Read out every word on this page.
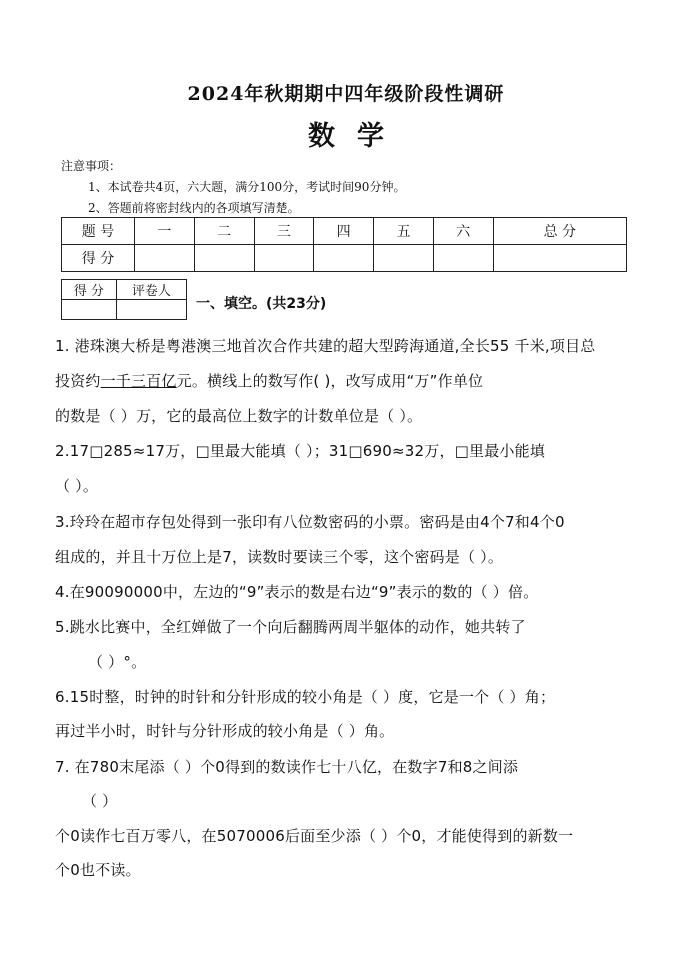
2024年秋期期中四年级阶段性调研
数学
注意事项：
1、本试卷共4页，六大题，满分100分，考试时间90分钟。
2、答题前将密封线内的各项填写清楚。
题 号	一	二	三	四	五	六	总 分
得 分							
得 分	评卷人

一、填空。(共23分)
1. 港珠澳大桥是粤港澳三地首次合作共建的超大型跨海通道,全长55 千米,项目总
投资约一千三百亿元。横线上的数写作( )，改写成用“万”作单位
的数是（ ）万，它的最高位上数字的计数单位是（ ）。
2.17□285≈17万，□里最大能填（ ）；31□690≈32万，□里最小能填
（ ）。
3.玲玲在超市存包处得到一张印有八位数密码的小票。密码是由4个7和4个0
组成的，并且十万位上是7，读数时要读三个零，这个密码是（ ）。
4.在90090000中，左边的“9”表示的数是右边“9”表示的数的（ ）倍。
5.跳水比赛中，全红婵做了一个向后翻腾两周半躯体的动作，她共转了
（ ）°。
6.15时整，时钟的时针和分针形成的较小角是（ ）度，它是一个（ ）角；
再过半小时，时针与分针形成的较小角是（ ）角。
7. 在780末尾添（ ）个0得到的数读作七十八亿，在数字7和8之间添
（ ）
个0读作七百万零八，在5070006后面至少添（ ）个0，才能使得到的新数一
个0也不读。
